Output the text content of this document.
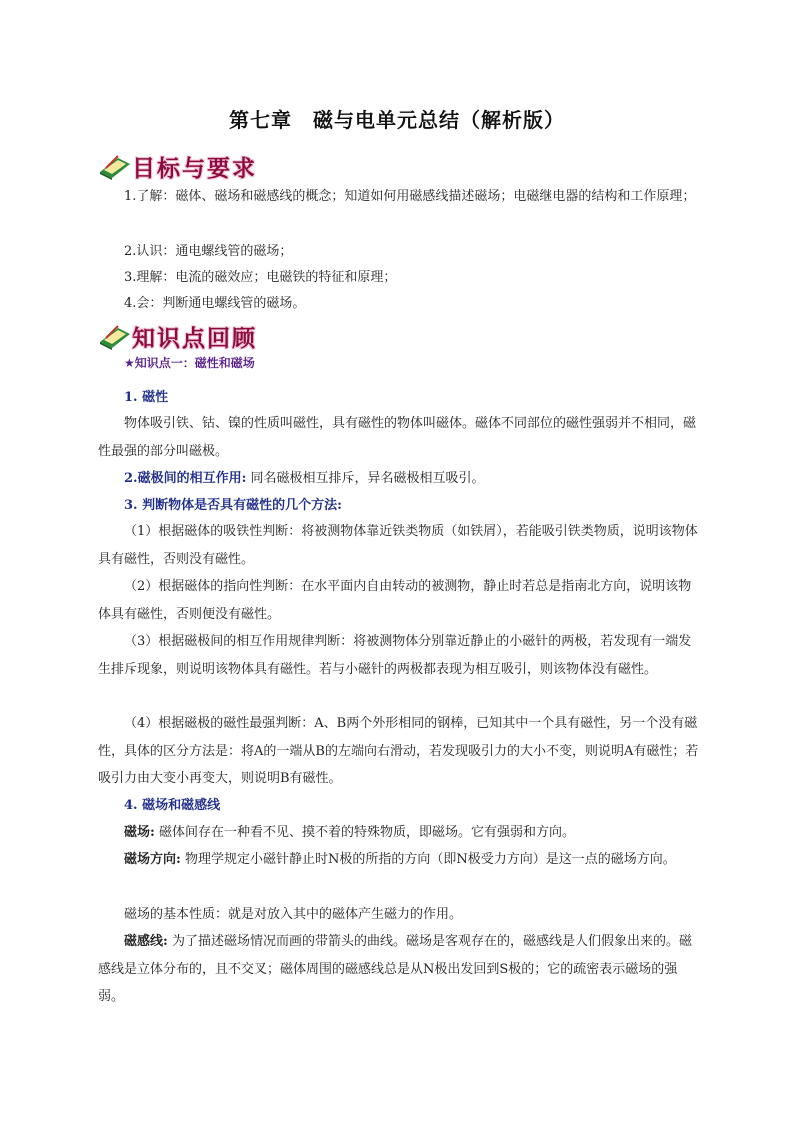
第七章　磁与电单元总结（解析版）
目标与要求
1.了解：磁体、磁场和磁感线的概念；知道如何用磁感线描述磁场；电磁继电器的结构和工作原理；
2.认识：通电螺线管的磁场；
3.理解：电流的磁效应；电磁铁的特征和原理；
4.会：判断通电螺线管的磁场。
知识点回顾
★知识点一：磁性和磁场
1. 磁性
物体吸引铁、钴、镍的性质叫磁性，具有磁性的物体叫磁体。磁体不同部位的磁性强弱并不相同，磁性最强的部分叫磁极。
2.磁极间的相互作用: 同名磁极相互排斥，异名磁极相互吸引。
3. 判断物体是否具有磁性的几个方法:
（1）根据磁体的吸铁性判断：将被测物体靠近铁类物质（如铁屑），若能吸引铁类物质，说明该物体具有磁性，否则没有磁性。
（2）根据磁体的指向性判断：在水平面内自由转动的被测物，静止时若总是指南北方向，说明该物体具有磁性，否则便没有磁性。
（3）根据磁极间的相互作用规律判断：将被测物体分别靠近静止的小磁针的两极，若发现有一端发生排斥现象，则说明该物体具有磁性。若与小磁针的两极都表现为相互吸引，则该物体没有磁性。
（4）根据磁极的磁性最强判断：A、B两个外形相同的钢棒，已知其中一个具有磁性，另一个没有磁性，具体的区分方法是：将A的一端从B的左端向右滑动，若发现吸引力的大小不变，则说明A有磁性；若吸引力由大变小再变大，则说明B有磁性。
4. 磁场和磁感线
磁场: 磁体间存在一种看不见、摸不着的特殊物质，即磁场。它有强弱和方向。
磁场方向: 物理学规定小磁针静止时N极的所指的方向（即N极受力方向）是这一点的磁场方向。
磁场的基本性质：就是对放入其中的磁体产生磁力的作用。
磁感线: 为了描述磁场情况而画的带箭头的曲线。磁场是客观存在的，磁感线是人们假象出来的。磁感线是立体分布的，且不交叉；磁体周围的磁感线总是从N极出发回到S极的；它的疏密表示磁场的强弱。
